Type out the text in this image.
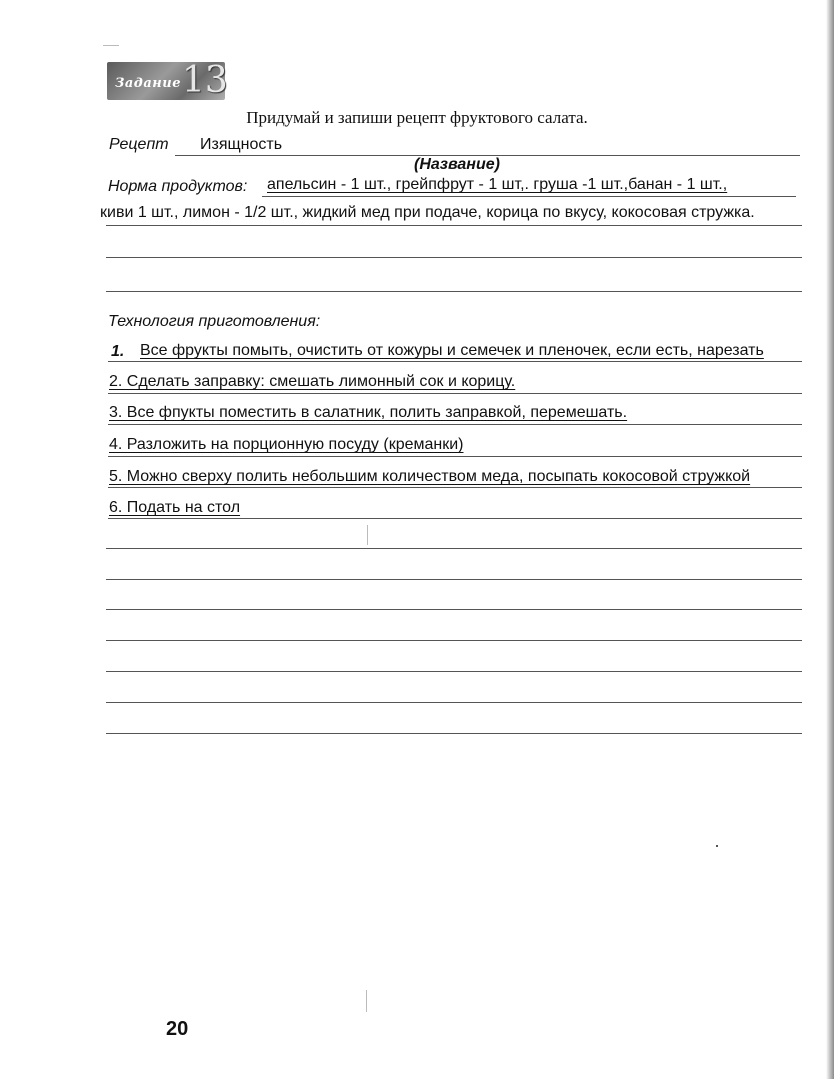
Задание 13
Придумай и запиши рецепт фруктового салата.
Рецепт Изящность
(Название)
Норма продуктов: апельсин - 1 шт., грейпфрут - 1 шт,. груша -1 шт.,банан - 1 шт.,
киви 1 шт., лимон - 1/2 шт., жидкий мед при подаче, корица по вкусу, кокосовая стружка.
Технология приготовления:
1. Все фрукты помыть, очистить от кожуры и семечек и пленочек, если есть, нарезать
2. Сделать заправку: смешать лимонный сок и корицу.
3. Все фпукты поместить в салатник, полить заправкой, перемешать.
4. Разложить на порционную посуду (креманки)
5. Можно сверху полить небольшим количеством меда, посыпать кокосовой стружкой
6. Подать на стол
20
